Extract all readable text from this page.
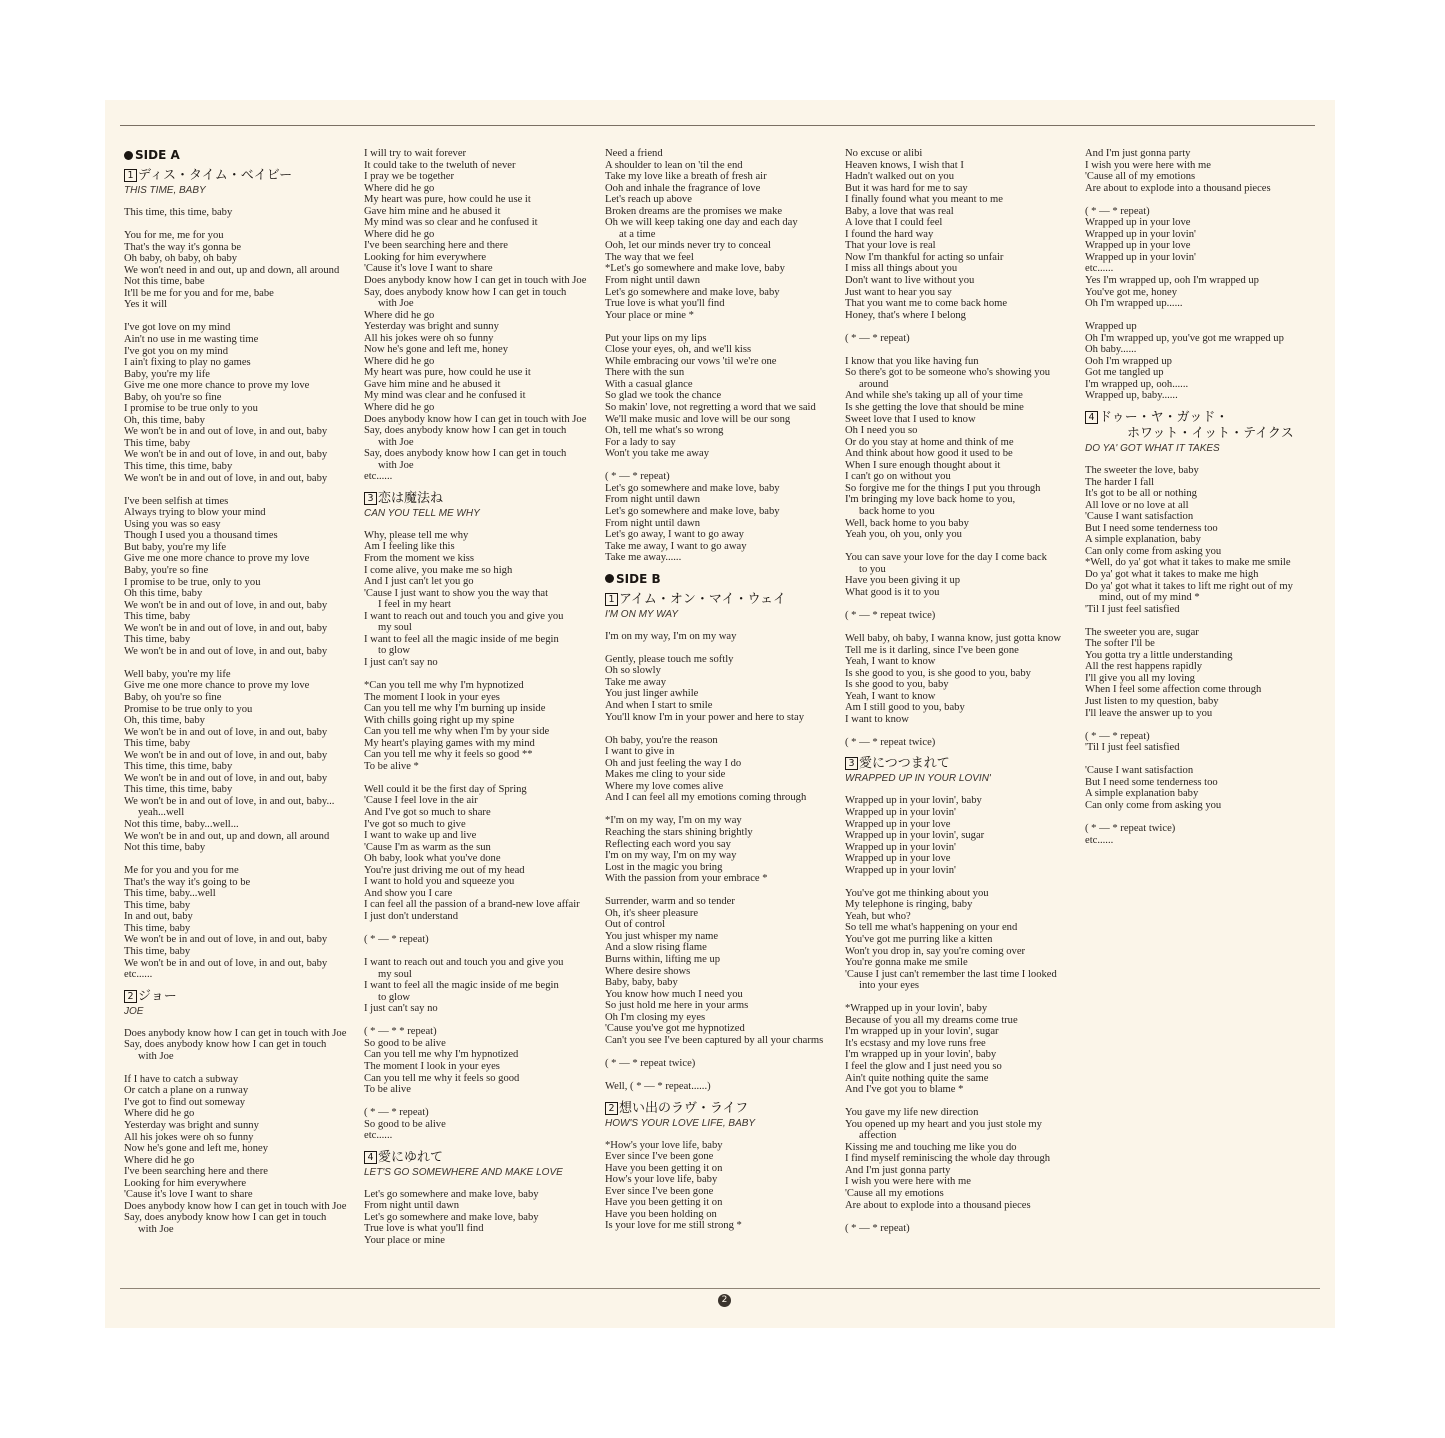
SIDE A
1 ディス・タイム・ベイビー
THIS TIME, BABY
This time, this time, baby
You for me, me for you
That's the way it's gonna be
Oh baby, oh baby, oh baby
We won't need in and out, up and down, all around
Not this time, babe
It'll be me for you and for me, babe
Yes it will
I've got love on my mind
Ain't no use in me wasting time
I've got you on my mind
I ain't fixing to play no games
Baby, you're my life
Give me one more chance to prove my love
Baby, oh you're so fine
I promise to be true only to you
Oh, this time, baby
We won't be in and out of love, in and out, baby
This time, baby
We won't be in and out of love, in and out, baby
This time, this time, baby
We won't be in and out of love, in and out, baby
I've been selfish at times
Always trying to blow your mind
Using you was so easy
Though I used you a thousand times
But baby, you're my life
Give me one more chance to prove my love
Baby, you're so fine
I promise to be true, only to you
Oh this time, baby
We won't be in and out of love, in and out, baby
This time, baby
We won't be in and out of love, in and out, baby
This time, baby
We won't be in and out of love, in and out, baby
Well baby, you're my life
Give me one more chance to prove my love
Baby, oh you're so fine
Promise to be true only to you
Oh, this time, baby
We won't be in and out of love, in and out, baby
This time, baby
We won't be in and out of love, in and out, baby
This time, this time, baby
We won't be in and out of love, in and out, baby
This time, this time, baby
We won't be in and out of love, in and out, baby...
yeah...well
Not this time, baby...well...
We won't be in and out, up and down, all around
Not this time, baby
Me for you and you for me
That's the way it's going to be
This time, baby...well
This time, baby
In and out, baby
This time, baby
We won't be in and out of love, in and out, baby
This time, baby
We won't be in and out of love, in and out, baby
etc......
2 ジョー
JOE
Does anybody know how I can get in touch with Joe
Say, does anybody know how I can get in touch
with Joe
If I have to catch a subway
Or catch a plane on a runway
I've got to find out someway
Where did he go
Yesterday was bright and sunny
All his jokes were oh so funny
Now he's gone and left me, honey
Where did he go
I've been searching here and there
Looking for him everywhere
'Cause it's love I want to share
Does anybody know how I can get in touch with Joe
Say, does anybody know how I can get in touch
with Joe
I will try to wait forever
It could take to the tweluth of never
I pray we be together
Where did he go
My heart was pure, how could he use it
Gave him mine and he abused it
My mind was so clear and he confused it
Where did he go
I've been searching here and there
Looking for him everywhere
'Cause it's love I want to share
Does anybody know how I can get in touch with Joe
Say, does anybody know how I can get in touch
with Joe
Where did he go
Yesterday was bright and sunny
All his jokes were oh so funny
Now he's gone and left me, honey
Where did he go
My heart was pure, how could he use it
Gave him mine and he abused it
My mind was clear and he confused it
Where did he go
Does anybody know how I can get in touch with Joe
Say, does anybody know how I can get in touch
with Joe
Say, does anybody know how I can get in touch
with Joe
etc......
3 恋は魔法ね
CAN YOU TELL ME WHY
Why, please tell me why
Am I feeling like this
From the moment we kiss
I come alive, you make me so high
And I just can't let you go
'Cause I just want to show you the way that
I feel in my heart
I want to reach out and touch you and give you
my soul
I want to feel all the magic inside of me begin
to glow
I just can't say no
*Can you tell me why I'm hypnotized
The moment I look in your eyes
Can you tell me why I'm burning up inside
With chills going right up my spine
Can you tell me why when I'm by your side
My heart's playing games with my mind
Can you tell me why it feels so good **
To be alive *
Well could it be the first day of Spring
'Cause I feel love in the air
And I've got so much to share
I've got so much to give
I want to wake up and live
'Cause I'm as warm as the sun
Oh baby, look what you've done
You're just driving me out of my head
I want to hold you and squeeze you
And show you I care
I can feel all the passion of a brand-new love affair
I just don't understand
( * — * repeat)
I want to reach out and touch you and give you
my soul
I want to feel all the magic inside of me begin
to glow
I just can't say no
( * — * * repeat)
So good to be alive
Can you tell me why I'm hypnotized
The moment I look in your eyes
Can you tell me why it feels so good
To be alive
( * — * repeat)
So good to be alive
etc......
4 愛にゆれて
LET'S GO SOMEWHERE AND MAKE LOVE
Let's go somewhere and make love, baby
From night until dawn
Let's go somewhere and make love, baby
True love is what you'll find
Your place or mine
Need a friend
A shoulder to lean on 'til the end
Take my love like a breath of fresh air
Ooh and inhale the fragrance of love
Let's reach up above
Broken dreams are the promises we make
Oh we will keep taking one day and each day
at a time
Ooh, let our minds never try to conceal
The way that we feel
*Let's go somewhere and make love, baby
From night until dawn
Let's go somewhere and make love, baby
True love is what you'll find
Your place or mine *
Put your lips on my lips
Close your eyes, oh, and we'll kiss
While embracing our vows 'til we're one
There with the sun
With a casual glance
So glad we took the chance
So makin' love, not regretting a word that we said
We'll make music and love will be our song
Oh, tell me what's so wrong
For a lady to say
Won't you take me away
( * — * repeat)
Let's go somewhere and make love, baby
From night until dawn
Let's go somewhere and make love, baby
From night until dawn
Let's go away, I want to go away
Take me away, I want to go away
Take me away......
SIDE B
1 アイム・オン・マイ・ウェイ
I'M ON MY WAY
I'm on my way, I'm on my way
Gently, please touch me softly
Oh so slowly
Take me away
You just linger awhile
And when I start to smile
You'll know I'm in your power and here to stay
Oh baby, you're the reason
I want to give in
Oh and just feeling the way I do
Makes me cling to your side
Where my love comes alive
And I can feel all my emotions coming through
*I'm on my way, I'm on my way
Reaching the stars shining brightly
Reflecting each word you say
I'm on my way, I'm on my way
Lost in the magic you bring
With the passion from your embrace *
Surrender, warm and so tender
Oh, it's sheer pleasure
Out of control
You just whisper my name
And a slow rising flame
Burns within, lifting me up
Where desire shows
Baby, baby, baby
You know how much I need you
So just hold me here in your arms
Oh I'm closing my eyes
'Cause you've got me hypnotized
Can't you see I've been captured by all your charms
( * — * repeat twice)
Well, ( * — * repeat......)
2 想い出のラヴ・ライフ
HOW'S YOUR LOVE LIFE, BABY
*How's your love life, baby
Ever since I've been gone
Have you been getting it on
How's your love life, baby
Ever since I've been gone
Have you been getting it on
Have you been holding on
Is your love for me still strong *
No excuse or alibi
Heaven knows, I wish that I
Hadn't walked out on you
But it was hard for me to say
I finally found what you meant to me
Baby, a love that was real
A love that I could feel
I found the hard way
That your love is real
Now I'm thankful for acting so unfair
I miss all things about you
Don't want to live without you
Just want to hear you say
That you want me to come back home
Honey, that's where I belong
( * — * repeat)
I know that you like having fun
So there's got to be someone who's showing you
around
And while she's taking up all of your time
Is she getting the love that should be mine
Sweet love that I used to know
Oh I need you so
Or do you stay at home and think of me
And think about how good it used to be
When I sure enough thought about it
I can't go on without you
So forgive me for the things I put you through
I'm bringing my love back home to you,
back home to you
Well, back home to you baby
Yeah you, oh you, only you
You can save your love for the day I come back
to you
Have you been giving it up
What good is it to you
( * — * repeat twice)
Well baby, oh baby, I wanna know, just gotta know
Tell me is it darling, since I've been gone
Yeah, I want to know
Is she good to you, is she good to you, baby
Is she good to you, baby
Yeah, I want to know
Am I still good to you, baby
I want to know
( * — * repeat twice)
3 愛につつまれて
WRAPPED UP IN YOUR LOVIN'
Wrapped up in your lovin', baby
Wrapped up in your lovin'
Wrapped up in your love
Wrapped up in your lovin', sugar
Wrapped up in your lovin'
Wrapped up in your love
Wrapped up in your lovin'
You've got me thinking about you
My telephone is ringing, baby
Yeah, but who?
So tell me what's happening on your end
You've got me purring like a kitten
Won't you drop in, say you're coming over
You're gonna make me smile
'Cause I just can't remember the last time I looked
into your eyes
*Wrapped up in your lovin', baby
Because of you all my dreams come true
I'm wrapped up in your lovin', sugar
It's ecstasy and my love runs free
I'm wrapped up in your lovin', baby
I feel the glow and I just need you so
Ain't quite nothing quite the same
And I've got you to blame *
You gave my life new direction
You opened up my heart and you just stole my
affection
Kissing me and touching me like you do
I find myself reminiscing the whole day through
And I'm just gonna party
I wish you were here with me
'Cause all my emotions
Are about to explode into a thousand pieces
( * — * repeat)
And I'm just gonna party
I wish you were here with me
'Cause all of my emotions
Are about to explode into a thousand pieces
( * — * repeat)
Wrapped up in your love
Wrapped up in your lovin'
Wrapped up in your love
Wrapped up in your lovin'
etc......
Yes I'm wrapped up, ooh I'm wrapped up
You've got me, honey
Oh I'm wrapped up......
Wrapped up
Oh I'm wrapped up, you've got me wrapped up
Oh baby......
Ooh I'm wrapped up
Got me tangled up
I'm wrapped up, ooh......
Wrapped up, baby......
4 ドゥー・ヤ・ガッド・
ホワット・イット・テイクス
DO YA' GOT WHAT IT TAKES
The sweeter the love, baby
The harder I fall
It's got to be all or nothing
All love or no love at all
'Cause I want satisfaction
But I need some tenderness too
A simple explanation, baby
Can only come from asking you
*Well, do ya' got what it takes to make me smile
Do ya' got what it takes to make me high
Do ya' got what it takes to lift me right out of my
mind, out of my mind *
'Til I just feel satisfied
The sweeter you are, sugar
The softer I'll be
You gotta try a little understanding
All the rest happens rapidly
I'll give you all my loving
When I feel some affection come through
Just listen to my question, baby
I'll leave the answer up to you
( * — * repeat)
'Til I just feel satisfied
'Cause I want satisfaction
But I need some tenderness too
A simple explanation baby
Can only come from asking you
( * — * repeat twice)
etc......
2
